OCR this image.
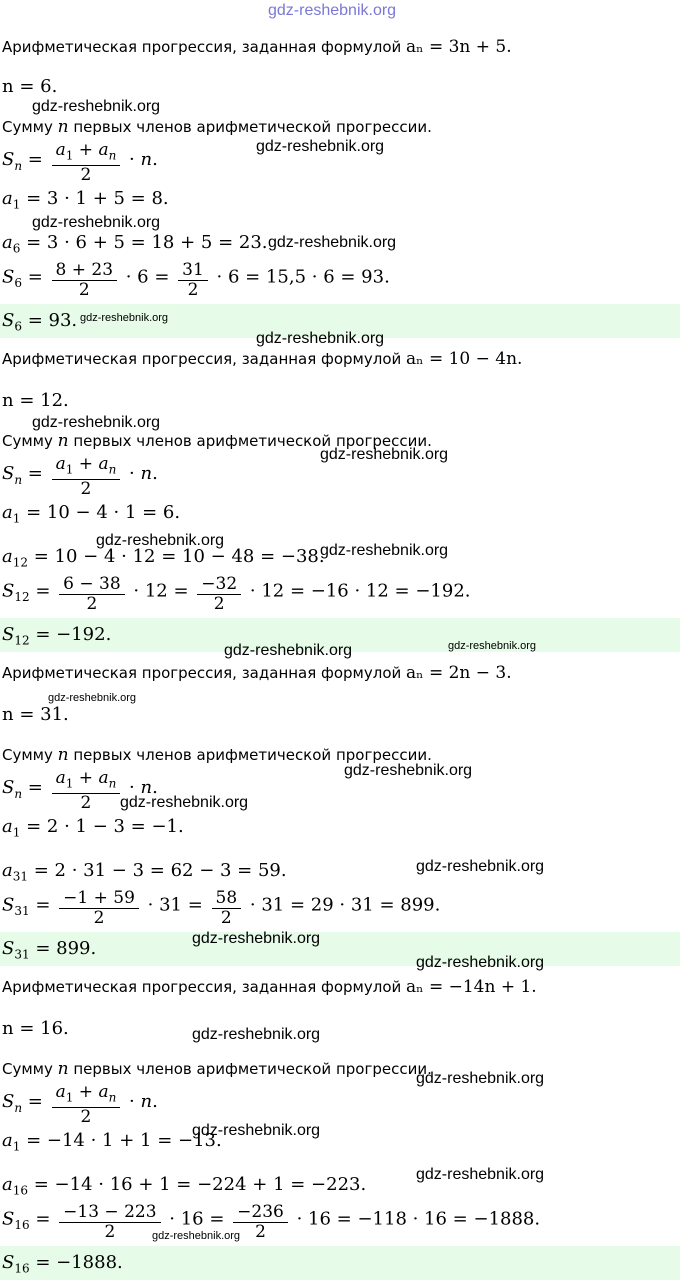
Арифметическая прогрессия, заданная формулой aₙ = 3n + 5.
n = 6.
Сумму n первых членов арифметической прогрессии.
$S_n = \frac{a_1 + a_n}{2} \cdot n$.
$a_1 = 3 \cdot 1 + 5 = 8$.
$a_6 = 3 \cdot 6 + 5 = 18 + 5 = 23$.
$S_6 = \frac{8 + 23}{2} \cdot 6 = \frac{31}{2} \cdot 6 = 15,5 \cdot 6 = 93$.
$S_6 = 93$.
Арифметическая прогрессия, заданная формулой aₙ = 10 − 4n.
n = 12.
Сумму n первых членов арифметической прогрессии.
$S_n = \frac{a_1 + a_n}{2} \cdot n$.
$a_1 = 10 - 4 \cdot 1 = 6$.
$a_{12} = 10 - 4 \cdot 12 = 10 - 48 = -38$.
$S_{12} = \frac{6 - 38}{2} \cdot 12 = \frac{-32}{2} \cdot 12 = -16 \cdot 12 = -192$.
$S_{12} = -192$.
Арифметическая прогрессия, заданная формулой aₙ = 2n − 3.
n = 31.
Сумму n первых членов арифметической прогрессии.
$S_n = \frac{a_1 + a_n}{2} \cdot n$.
$a_1 = 2 \cdot 1 - 3 = -1$.
$a_{31} = 2 \cdot 31 - 3 = 62 - 3 = 59$.
$S_{31} = \frac{-1 + 59}{2} \cdot 31 = \frac{58}{2} \cdot 31 = 29 \cdot 31 = 899$.
$S_{31} = 899$.
Арифметическая прогрессия, заданная формулой aₙ = −14n + 1.
n = 16.
Сумму n первых членов арифметической прогрессии.
$S_n = \frac{a_1 + a_n}{2} \cdot n$.
$a_1 = -14 \cdot 1 + 1 = -13$.
$a_{16} = -14 \cdot 16 + 1 = -224 + 1 = -223$.
$S_{16} = \frac{-13 - 223}{2} \cdot 16 = \frac{-236}{2} \cdot 16 = -118 \cdot 16 = -1888$.
$S_{16} = -1888$.
gdz-reshebnik.org
gdz-reshebnik.org
gdz-reshebnik.org
gdz-reshebnik.org
gdz-reshebnik.org
gdz-reshebnik.org
gdz-reshebnik.org
gdz-reshebnik.org
gdz-reshebnik.org
gdz-reshebnik.org
gdz-reshebnik.org
gdz-reshebnik.org	gdz-reshebnik.org
gdz-reshebnik.org
gdz-reshebnik.org
gdz-reshebnik.org
gdz-reshebnik.org
gdz-reshebnik.org
gdz-reshebnik.org
gdz-reshebnik.org
gdz-reshebnik.org
gdz-reshebnik.org
gdz-reshebnik.org
gdz-reshebnik.org
